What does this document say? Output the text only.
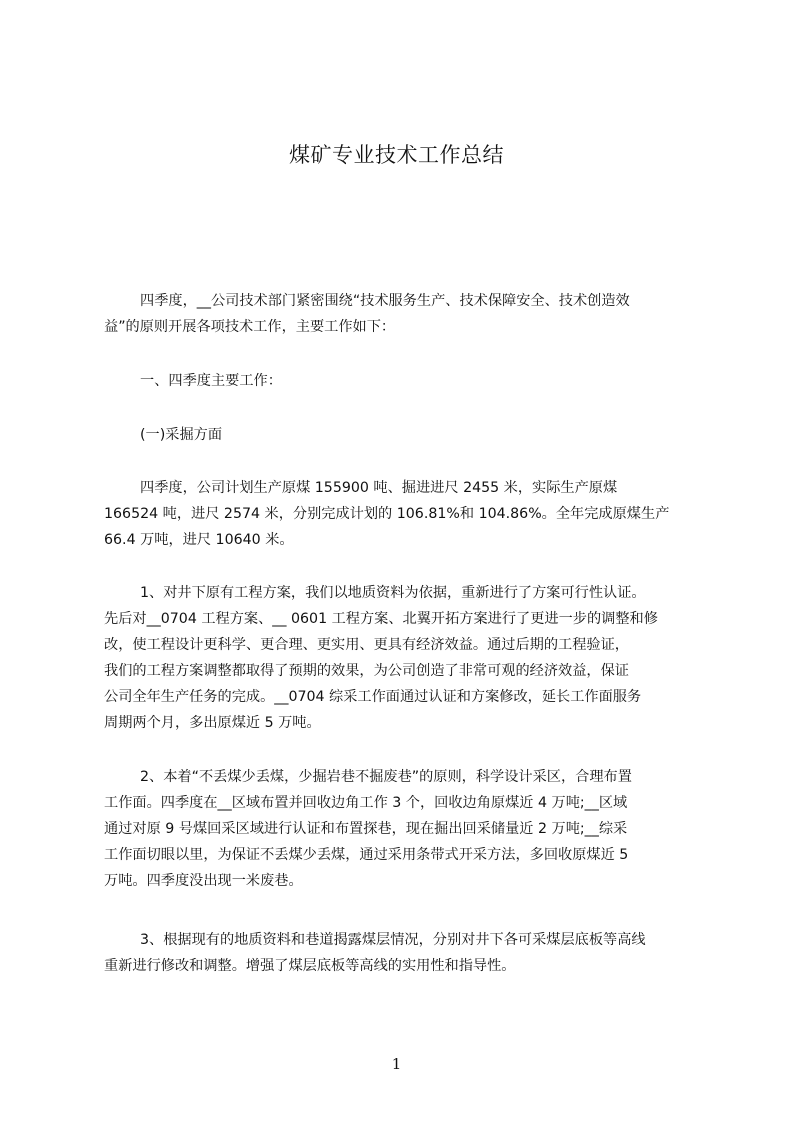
煤矿专业技术工作总结
四季度，__公司技术部门紧密围绕“技术服务生产、技术保障安全、技术创造效
益”的原则开展各项技术工作，主要工作如下：
一、四季度主要工作：
(一)采掘方面
四季度，公司计划生产原煤 155900 吨、掘进进尺 2455 米，实际生产原煤
166524 吨，进尺 2574 米，分别完成计划的 106.81%和 104.86%。全年完成原煤生产
66.4 万吨，进尺 10640 米。
1、对井下原有工程方案，我们以地质资料为依据，重新进行了方案可行性认证。
先后对__0704 工程方案、__ 0601 工程方案、北翼开拓方案进行了更进一步的调整和修
改，使工程设计更科学、更合理、更实用、更具有经济效益。通过后期的工程验证，
我们的工程方案调整都取得了预期的效果，为公司创造了非常可观的经济效益，保证
公司全年生产任务的完成。__0704 综采工作面通过认证和方案修改，延长工作面服务
周期两个月，多出原煤近 5 万吨。
2、本着“不丢煤少丢煤，少掘岩巷不掘废巷”的原则，科学设计采区，合理布置
工作面。四季度在__区域布置并回收边角工作 3 个，回收边角原煤近 4 万吨;__区域
通过对原 9 号煤回采区域进行认证和布置探巷，现在掘出回采储量近 2 万吨;__综采
工作面切眼以里，为保证不丢煤少丢煤，通过采用条带式开采方法，多回收原煤近 5
万吨。四季度没出现一米废巷。
3、根据现有的地质资料和巷道揭露煤层情况，分别对井下各可采煤层底板等高线
重新进行修改和调整。增强了煤层底板等高线的实用性和指导性。
1
